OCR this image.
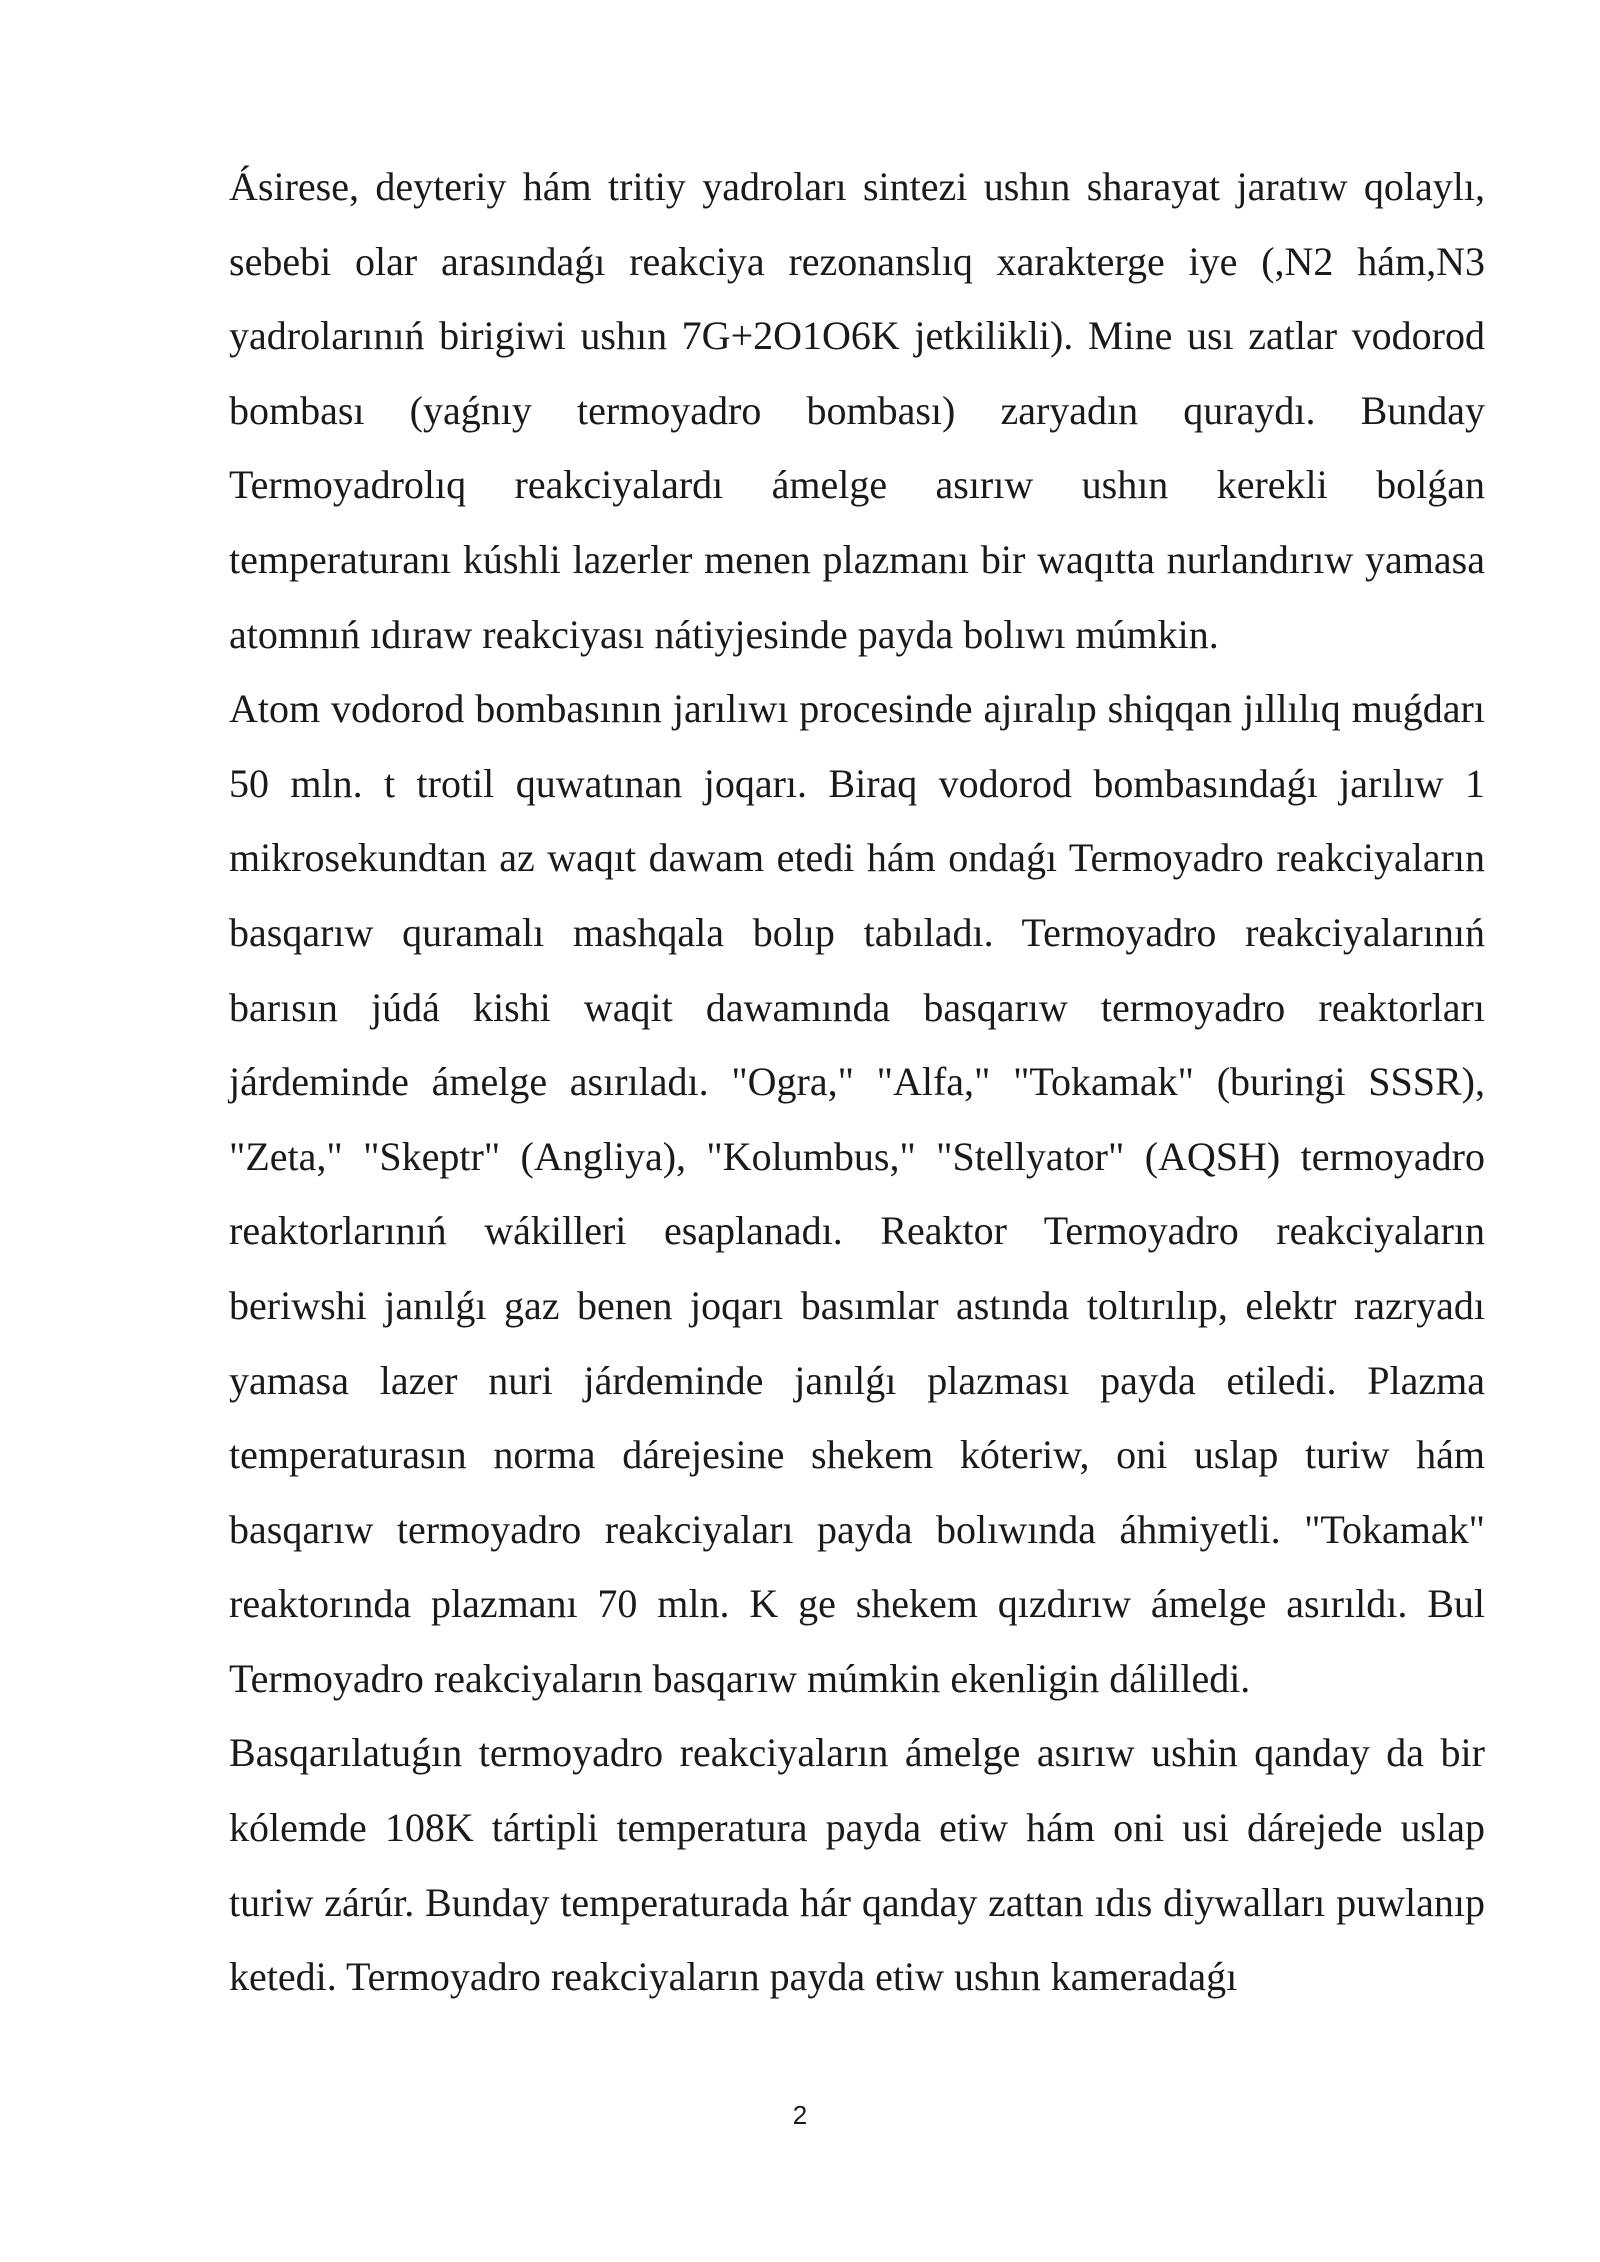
Ásirese, deyteriy hám tritiy yadroları sintezi ushın sharayat jaratıw qolaylı, sebebi olar arasındaǵı reakciya rezonanslıq xarakterge iye (,N2 hám,N3 yadrolarınıń birigiwi ushın 7G+2O1O6K jetkilikli). Mine usı zatlar vodorod bombası (yaǵnıy termoyadro bombası) zaryadın quraydı. Bunday Termoyadrolıq reakciyalardı ámelge asırıw ushın kerekli bolǵan temperaturanı kúshli lazerler menen plazmanı bir waqıtta nurlandırıw yamasa atomnıń ıdıraw reakciyası nátiyjesinde payda bolıwı múmkin.

Atom vodorod bombasının jarılıwı procesinde ajıralıp shiqqan jıllılıq muǵdarı 50 mln. t trotil quwatınan joqarı. Biraq vodorod bombasındaǵı jarılıw 1 mikrosekundtan az waqıt dawam etedi hám ondaǵı Termoyadro reakciyaların basqarıw quramalı mashqala bolıp tabıladı. Termoyadro reakciyalarınıń barısın júdá kishi waqit dawamında basqarıw termoyadro reaktorları járdeminde ámelge asırıladı. "Ogra," "Alfa," "Tokamak" (buringi SSSR), "Zeta," "Skeptr" (Angliya), "Kolumbus," "Stellyator" (AQSH) termoyadro reaktorlarınıń wákilleri esaplanadı. Reaktor Termoyadro reakciyaların beriwshi janılǵı gaz benen joqarı basımlar astında toltırılıp, elektr razryadı yamasa lazer nuri járdeminde janılǵı plazması payda etiledi. Plazma temperaturasın norma dárejesine shekem kóteriw, oni uslap turiw hám basqarıw termoyadro reakciyaları payda bolıwında áhmiyetli. "Tokamak" reaktorında plazmanı 70 mln. K ge shekem qızdırıw ámelge asırıldı. Bul Termoyadro reakciyaların basqarıw múmkin ekenligin dálilledi.

Basqarılatuǵın termoyadro reakciyaların ámelge asırıw ushin qanday da bir kólemde 108K tártipli temperatura payda etiw hám oni usi dárejede uslap turiw zárúr. Bunday temperaturada hár qanday zattan ıdıs diywalları puwlanıp ketedi. Termoyadro reakciyaların payda etiw ushın kameradaǵı

2
